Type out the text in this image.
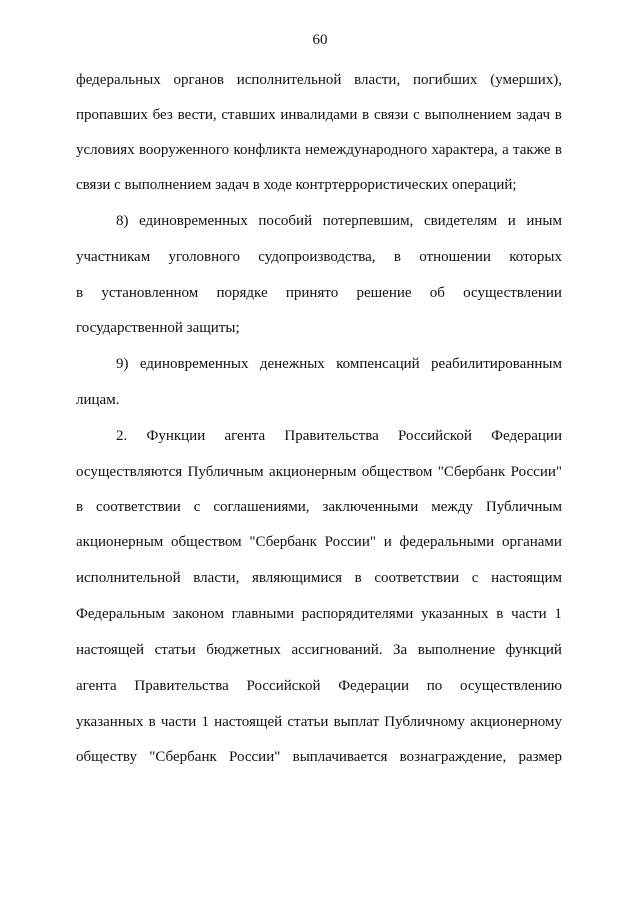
60
федеральных органов исполнительной власти, погибших (умерших),
пропавших без вести, ставших инвалидами в связи с выполнением задач в
условиях вооруженного конфликта немеждународного характера, а также в
связи с выполнением задач в ходе контртеррористических операций;
8) единовременных пособий потерпевшим, свидетелям и иным
участникам уголовного судопроизводства, в отношении которых
в установленном порядке принято решение об осуществлении
государственной защиты;
9) единовременных денежных компенсаций реабилитированным
лицам.
2. Функции агента Правительства Российской Федерации
осуществляются Публичным акционерным обществом "Сбербанк России"
в соответствии с соглашениями, заключенными между Публичным
акционерным обществом "Сбербанк России" и федеральными органами
исполнительной власти, являющимися в соответствии с настоящим
Федеральным законом главными распорядителями указанных в части 1
настоящей статьи бюджетных ассигнований. За выполнение функций
агента Правительства Российской Федерации по осуществлению
указанных в части 1 настоящей статьи выплат Публичному акционерному
обществу "Сбербанк России" выплачивается вознаграждение, размер
